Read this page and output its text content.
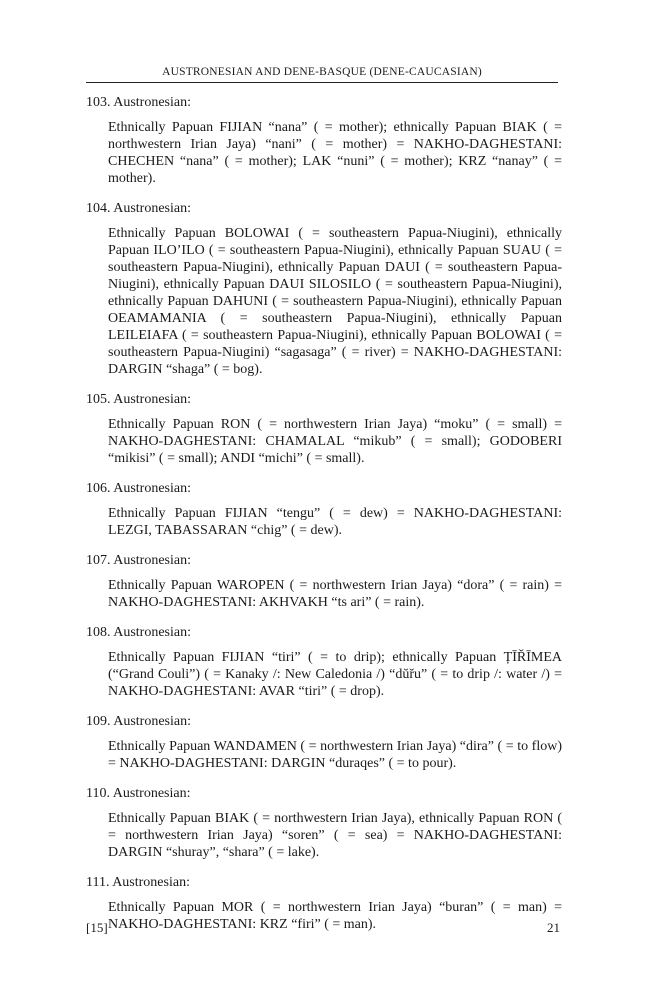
AUSTRONESIAN AND DENE-BASQUE (DENE-CAUCASIAN)
103. Austronesian:
Ethnically Papuan FIJIAN “nana” ( = mother); ethnically Papuan BIAK ( = northwestern Irian Jaya) “nani” ( = mother) = NAKHO-DAGHESTANI: CHECHEN “nana” ( = mother); LAK “nuni” ( = mother); KRZ “nanay” ( = mother).
104. Austronesian:
Ethnically Papuan BOLOWAI ( = southeastern Papua-Niugini), ethnically Papuan ILO’ILO ( = southeastern Papua-Niugini), ethnically Papuan SUAU ( = southeastern Papua-Niugini), ethnically Papuan DAUI ( = southeastern Papua-Niugini), ethnically Papuan DAUI SILOSILO ( = southeastern Papua-Niugini), ethnically Papuan DAHUNI ( = southeastern Papua-Niugini), ethnically Papuan OEAMAMANIA ( = southeastern Papua-Niugini), ethnically Papuan LEILEIAFA ( = southeastern Papua-Niugini), ethnically Papuan BOLOWAI ( = southeastern Papua-Niugini) “sagasaga” ( = river) = NAKHO-DAGHESTANI: DARGIN “shaga” ( = bog).
105. Austronesian:
Ethnically Papuan RON ( = northwestern Irian Jaya) “moku” ( = small) = NAKHO-DAGHESTANI: CHAMALAL “mikub” ( = small); GODOBERI “mikisi” ( = small); ANDI “michi” ( = small).
106. Austronesian:
Ethnically Papuan FIJIAN “tengu” ( = dew) = NAKHO-DAGHESTANI: LEZGI, TABASSARAN “chig” ( = dew).
107. Austronesian:
Ethnically Papuan WAROPEN ( = northwestern Irian Jaya) “dora” ( = rain) = NAKHO-DAGHESTANI: AKHVAKH “ts ari” ( = rain).
108. Austronesian:
Ethnically Papuan FIJIAN “tiri” ( = to drip); ethnically Papuan ȚĪŘĪMEA (“Grand Couli”) ( = Kanaky /: New Caledonia /) “dŭřu” ( = to drip /: water /) = NAKHO-DAGHESTANI: AVAR “tiri” ( = drop).
109. Austronesian:
Ethnically Papuan WANDAMEN ( = northwestern Irian Jaya) “dira” ( = to flow) = NAKHO-DAGHESTANI: DARGIN “duraqes” ( = to pour).
110. Austronesian:
Ethnically Papuan BIAK ( = northwestern Irian Jaya), ethnically Papuan RON ( = northwestern Irian Jaya) “soren” ( = sea) = NAKHO-DAGHESTANI: DARGIN “shuray”, “shara” ( = lake).
111. Austronesian:
Ethnically Papuan MOR ( = northwestern Irian Jaya) “buran” ( = man) = NAKHO-DAGHESTANI: KRZ “firi” ( = man).
[15]	21
